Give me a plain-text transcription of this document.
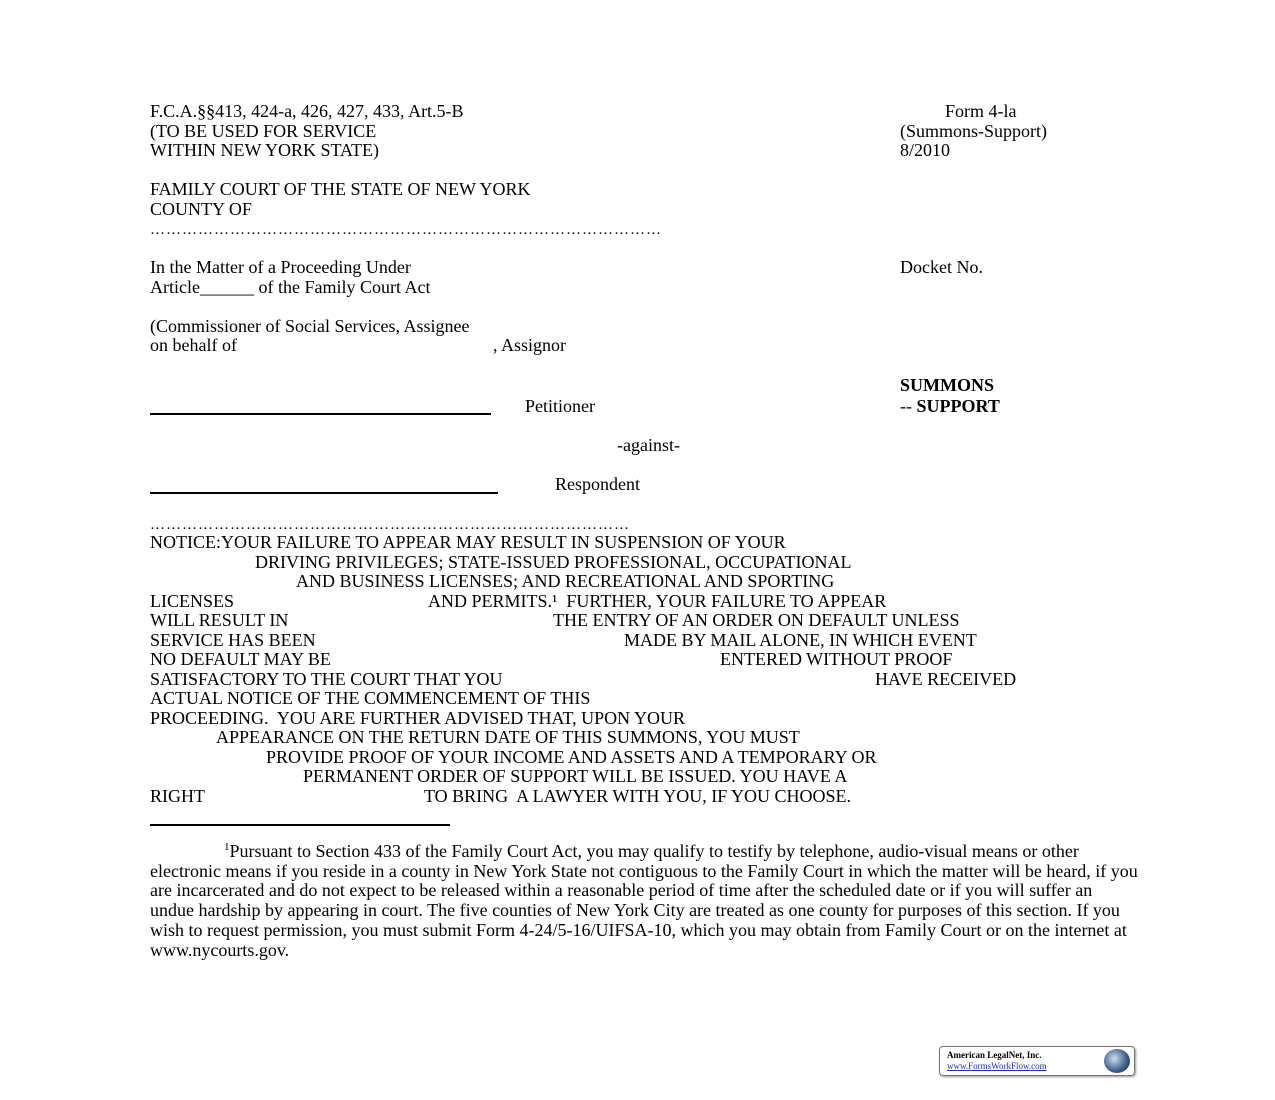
F.C.A.§§413, 424-a, 426, 427, 433, Art.5-B
(TO BE USED FOR SERVICE
WITHIN NEW YORK STATE)
Form 4-la
(Summons-Support)
8/2010
FAMILY COURT OF THE STATE OF NEW YORK
COUNTY OF
……………………………………………………………………………………
In the Matter of a Proceeding Under
Article______ of the Family Court Act
Docket No.
(Commissioner of Social Services, Assignee
on behalf of	, Assignor
SUMMONS
-- SUPPORT
Petitioner
-against-
Respondent
………………………………………………………………………………
NOTICE:YOUR FAILURE TO APPEAR MAY RESULT IN SUSPENSION OF YOUR
DRIVING PRIVILEGES; STATE-ISSUED PROFESSIONAL, OCCUPATIONAL
AND BUSINESS LICENSES; AND RECREATIONAL AND SPORTING
LICENSES	AND PERMITS.¹  FURTHER, YOUR FAILURE TO APPEAR
WILL RESULT IN	THE ENTRY OF AN ORDER ON DEFAULT UNLESS
SERVICE HAS BEEN	MADE BY MAIL ALONE, IN WHICH EVENT
NO DEFAULT MAY BE	ENTERED WITHOUT PROOF
SATISFACTORY TO THE COURT THAT YOU	HAVE RECEIVED
ACTUAL NOTICE OF THE COMMENCEMENT OF THIS
PROCEEDING.  YOU ARE FURTHER ADVISED THAT, UPON YOUR
APPEARANCE ON THE RETURN DATE OF THIS SUMMONS, YOU MUST
PROVIDE PROOF OF YOUR INCOME AND ASSETS AND A TEMPORARY OR
PERMANENT ORDER OF SUPPORT WILL BE ISSUED. YOU HAVE A
RIGHT	TO BRING  A LAWYER WITH YOU, IF YOU CHOOSE.
$^1$Pursuant to Section 433 of the Family Court Act, you may qualify to testify by telephone, audio-visual means or other electronic means if you reside in a county in New York State not contiguous to the Family Court in which the matter will be heard, if you are incarcerated and do not expect to be released within a reasonable period of time after the scheduled date or if you will suffer an undue hardship by appearing in court. The five counties of New York City are treated as one county for purposes of this section. If you wish to request permission, you must submit Form 4-24/5-16/UIFSA-10, which you may obtain from Family Court or on the internet at www.nycourts.gov.
American LegalNet, Inc.
www.FormsWorkFlow.com
